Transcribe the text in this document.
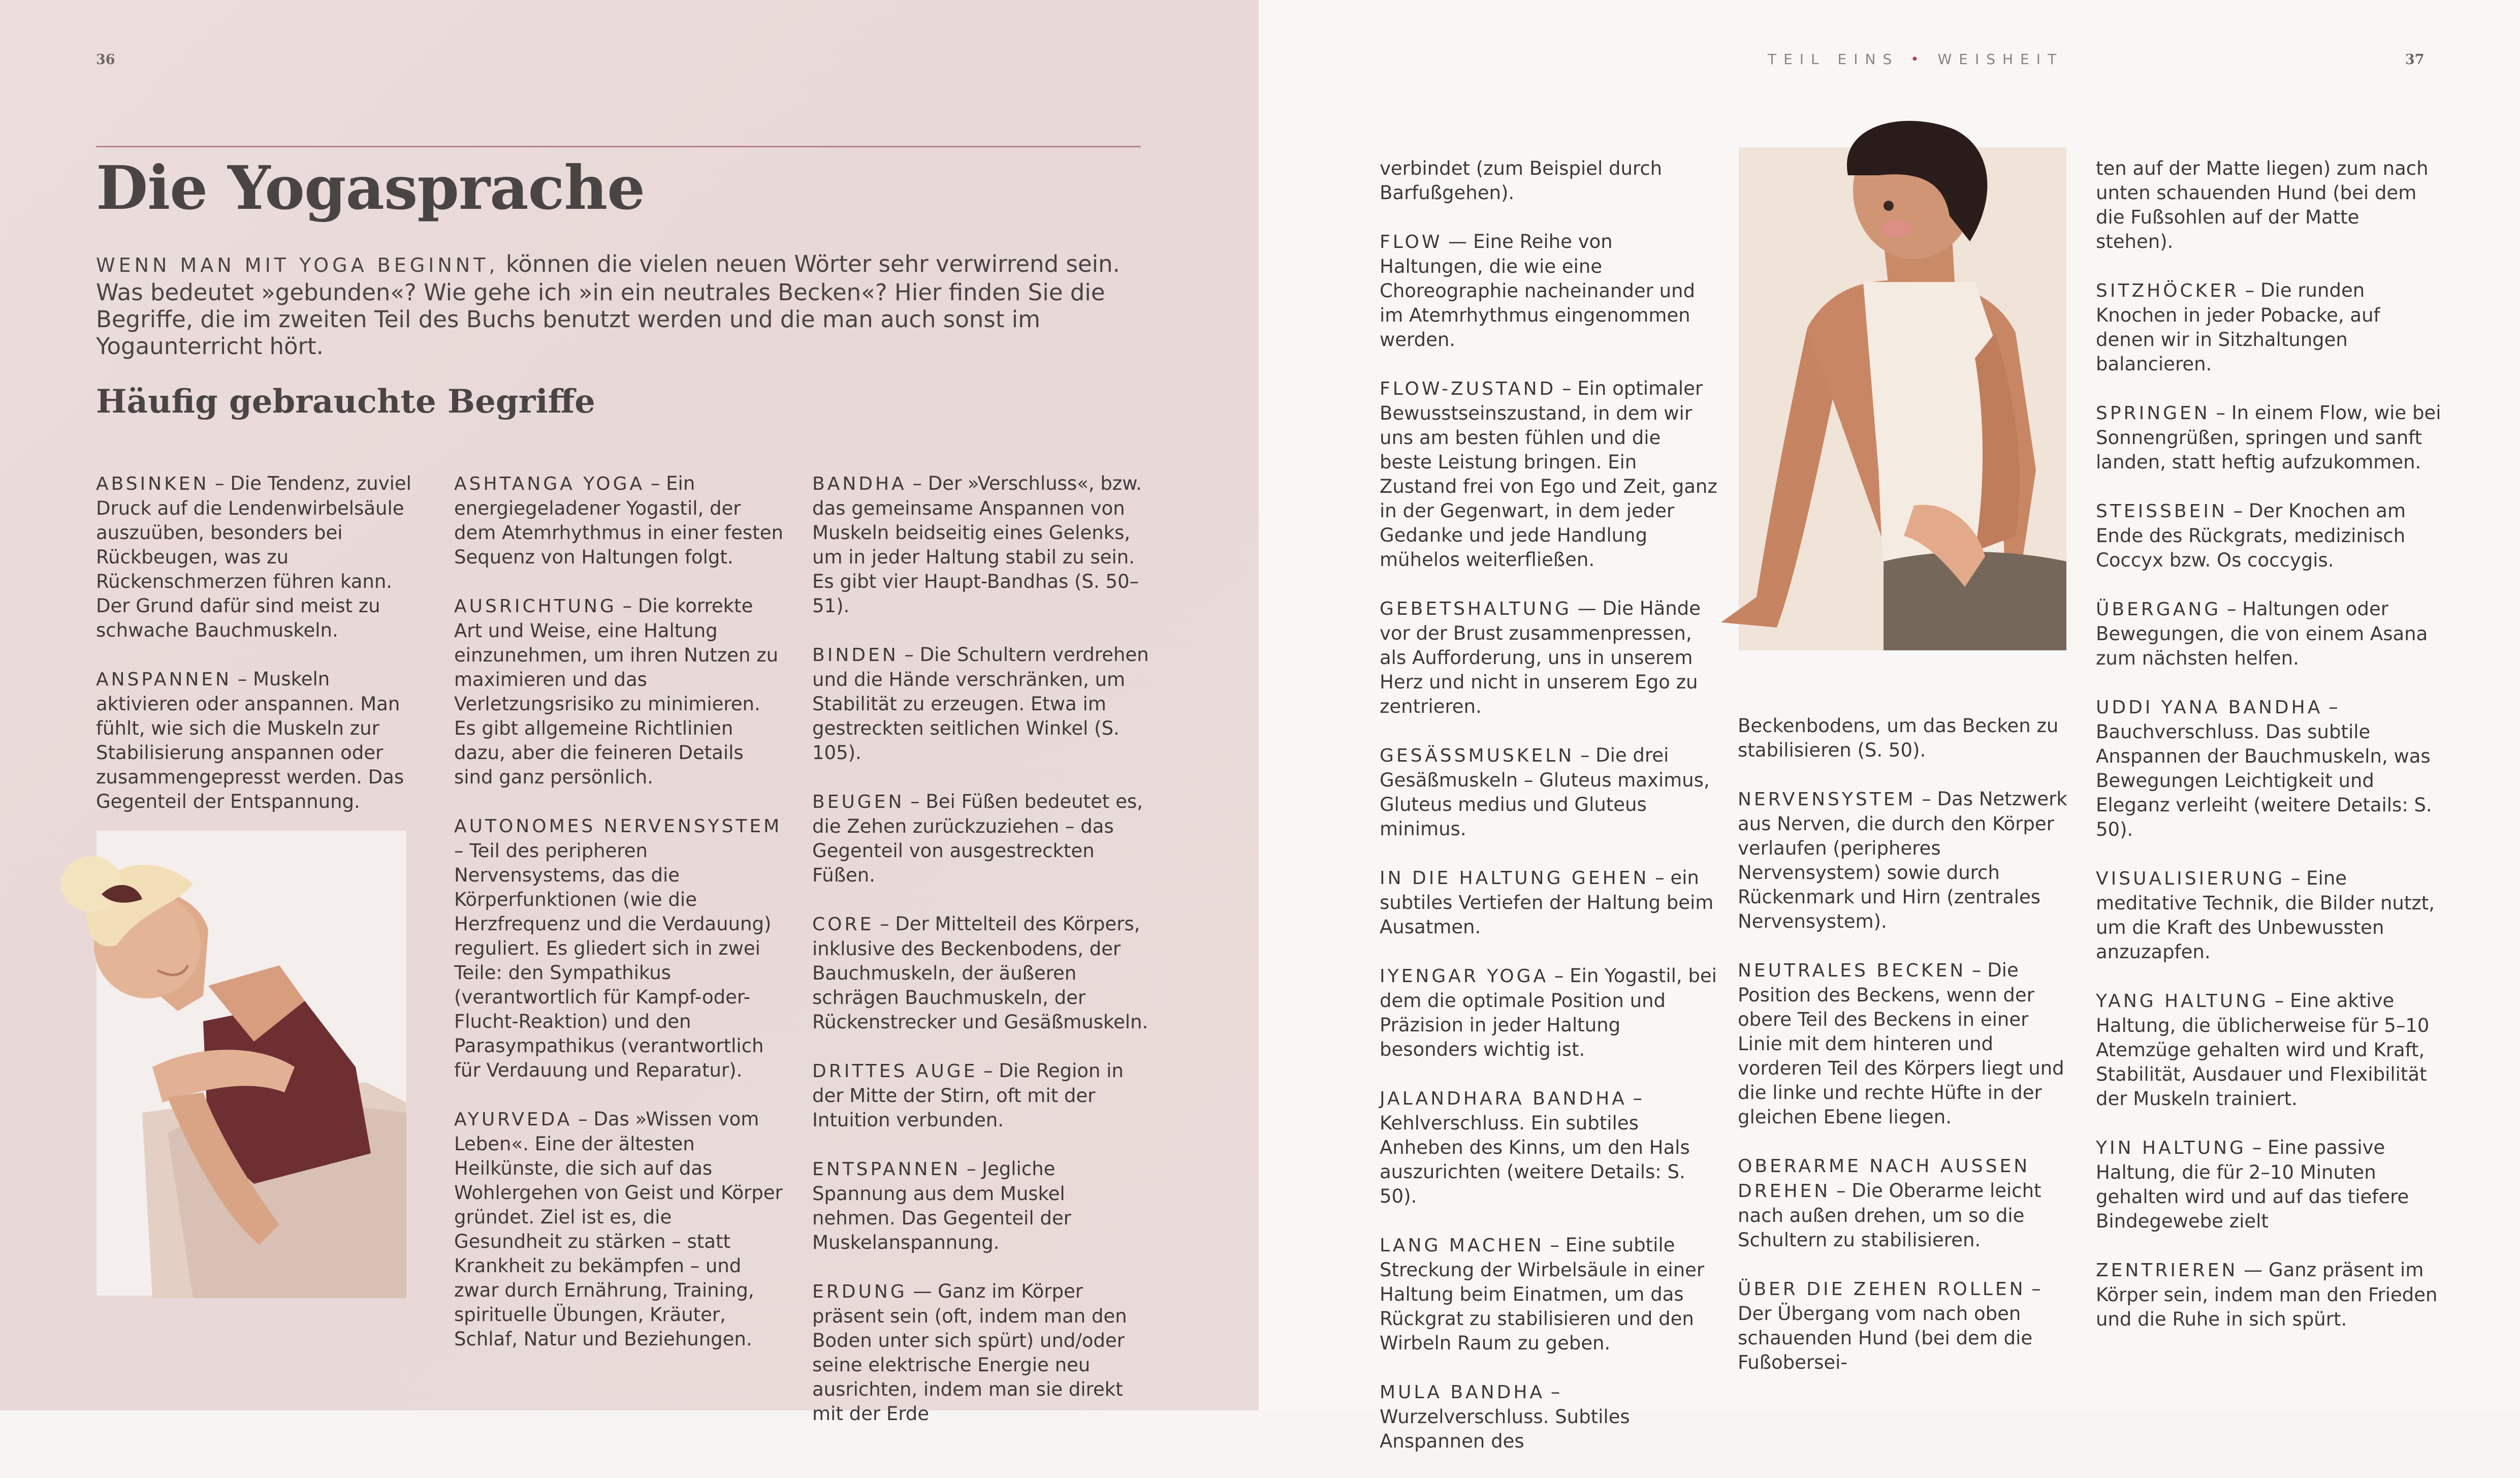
36
Die Yogasprache

WENN MAN MIT YOGA BEGINNT, können die vielen neuen Wörter sehr verwirrend sein. Was bedeutet »gebunden«? Wie gehe ich »in ein neutrales Becken«? Hier finden Sie die Begriffe, die im zweiten Teil des Buchs benutzt werden und die man auch sonst im Yogaunterricht hört.

Häufig gebrauchte Begriffe

ABSINKEN – Die Tendenz, zuviel Druck auf die Lendenwirbelsäule auszuüben, besonders bei Rückbeugen, was zu Rückenschmerzen führen kann. Der Grund dafür sind meist zu schwache Bauchmuskeln.

ANSPANNEN – Muskeln aktivieren oder anspannen. Man fühlt, wie sich die Muskeln zur Stabilisierung anspannen oder zusammengepresst werden. Das Gegenteil der Entspannung.

ASHTANGA YOGA – Ein energiegeladener Yogastil, der dem Atemrhythmus in einer festen Sequenz von Haltungen folgt.

AUSRICHTUNG – Die korrekte Art und Weise, eine Haltung einzunehmen, um ihren Nutzen zu maximieren und das Verletzungsrisiko zu minimieren. Es gibt allgemeine Richtlinien dazu, aber die feineren Details sind ganz persönlich.

AUTONOMES NERVENSYSTEM – Teil des peripheren Nervensystems, das die Körperfunktionen (wie die Herzfrequenz und die Verdauung) reguliert. Es gliedert sich in zwei Teile: den Sympathikus (verantwortlich für Kampf-oder-Flucht-Reaktion) und den Parasympathikus (verantwortlich für Verdauung und Reparatur).

AYURVEDA – Das »Wissen vom Leben«. Eine der ältesten Heilkünste, die sich auf das Wohlergehen von Geist und Körper gründet. Ziel ist es, die Gesundheit zu stärken – statt Krankheit zu bekämpfen – und zwar durch Ernährung, Training, spirituelle Übungen, Kräuter, Schlaf, Natur und Beziehungen.

BANDHA – Der »Verschluss«, bzw. das gemeinsame Anspannen von Muskeln beidseitig eines Gelenks, um in jeder Haltung stabil zu sein. Es gibt vier Haupt-Bandhas (S. 50–51).

BINDEN – Die Schultern verdrehen und die Hände verschränken, um Stabilität zu erzeugen. Etwa im gestreckten seitlichen Winkel (S. 105).

BEUGEN – Bei Füßen bedeutet es, die Zehen zurückzuziehen – das Gegenteil von ausgestreckten Füßen.

CORE – Der Mittelteil des Körpers, inklusive des Beckenbodens, der Bauchmuskeln, der äußeren schrägen Bauchmuskeln, der Rückenstrecker und Gesäßmuskeln.

DRITTES AUGE – Die Region in der Mitte der Stirn, oft mit der Intuition verbunden.

ENTSPANNEN – Jegliche Spannung aus dem Muskel nehmen. Das Gegenteil der Muskelanspannung.

ERDUNG — Ganz im Körper präsent sein (oft, indem man den Boden unter sich spürt) und/oder seine elektrische Energie neu ausrichten, indem man sie direkt mit der Erde

TEIL EINS • WEISHEIT	37

verbindet (zum Beispiel durch Barfußgehen).

FLOW — Eine Reihe von Haltungen, die wie eine Choreographie nacheinander und im Atemrhythmus eingenommen werden.

FLOW-ZUSTAND – Ein optimaler Bewusstseinszustand, in dem wir uns am besten fühlen und die beste Leistung bringen. Ein Zustand frei von Ego und Zeit, ganz in der Gegenwart, in dem jeder Gedanke und jede Handlung mühelos weiterfließen.

GEBETSHALTUNG — Die Hände vor der Brust zusammenpressen, als Aufforderung, uns in unserem Herz und nicht in unserem Ego zu zentrieren.

GESÄSSMUSKELN – Die drei Gesäßmuskeln – Gluteus maximus, Gluteus medius und Gluteus minimus.

IN DIE HALTUNG GEHEN – ein subtiles Vertiefen der Haltung beim Ausatmen.

IYENGAR YOGA – Ein Yogastil, bei dem die optimale Position und Präzision in jeder Haltung besonders wichtig ist.

JALANDHARA BANDHA – Kehlverschluss. Ein subtiles Anheben des Kinns, um den Hals auszurichten (weitere Details: S. 50).

LANG MACHEN – Eine subtile Streckung der Wirbelsäule in einer Haltung beim Einatmen, um das Rückgrat zu stabilisieren und den Wirbeln Raum zu geben.

MULA BANDHA – Wurzelverschluss. Subtiles Anspannen des

Beckenbodens, um das Becken zu stabilisieren (S. 50).

NERVENSYSTEM – Das Netzwerk aus Nerven, die durch den Körper verlaufen (peripheres Nervensystem) sowie durch Rückenmark und Hirn (zentrales Nervensystem).

NEUTRALES BECKEN – Die Position des Beckens, wenn der obere Teil des Beckens in einer Linie mit dem hinteren und vorderen Teil des Körpers liegt und die linke und rechte Hüfte in der gleichen Ebene liegen.

OBERARME NACH AUSSEN DREHEN – Die Oberarme leicht nach außen drehen, um so die Schultern zu stabilisieren.

ÜBER DIE ZEHEN ROLLEN – Der Übergang vom nach oben schauenden Hund (bei dem die Fußobersei-

ten auf der Matte liegen) zum nach unten schauenden Hund (bei dem die Fußsohlen auf der Matte stehen).

SITZHÖCKER – Die runden Knochen in jeder Pobacke, auf denen wir in Sitzhaltungen balancieren.

SPRINGEN – In einem Flow, wie bei Sonnengrüßen, springen und sanft landen, statt heftig aufzukommen.

STEISSBEIN – Der Knochen am Ende des Rückgrats, medizinisch Coccyx bzw. Os coccygis.

ÜBERGANG – Haltungen oder Bewegungen, die von einem Asana zum nächsten helfen.

UDDI YANA BANDHA – Bauchverschluss. Das subtile Anspannen der Bauchmuskeln, was Bewegungen Leichtigkeit und Eleganz verleiht (weitere Details: S. 50).

VISUALISIERUNG – Eine meditative Technik, die Bilder nutzt, um die Kraft des Unbewussten anzuzapfen.

YANG HALTUNG – Eine aktive Haltung, die üblicherweise für 5–10 Atemzüge gehalten wird und Kraft, Stabilität, Ausdauer und Flexibilität der Muskeln trainiert.

YIN HALTUNG – Eine passive Haltung, die für 2–10 Minuten gehalten wird und auf das tiefere Bindegewebe zielt

ZENTRIEREN — Ganz präsent im Körper sein, indem man den Frieden und die Ruhe in sich spürt.
